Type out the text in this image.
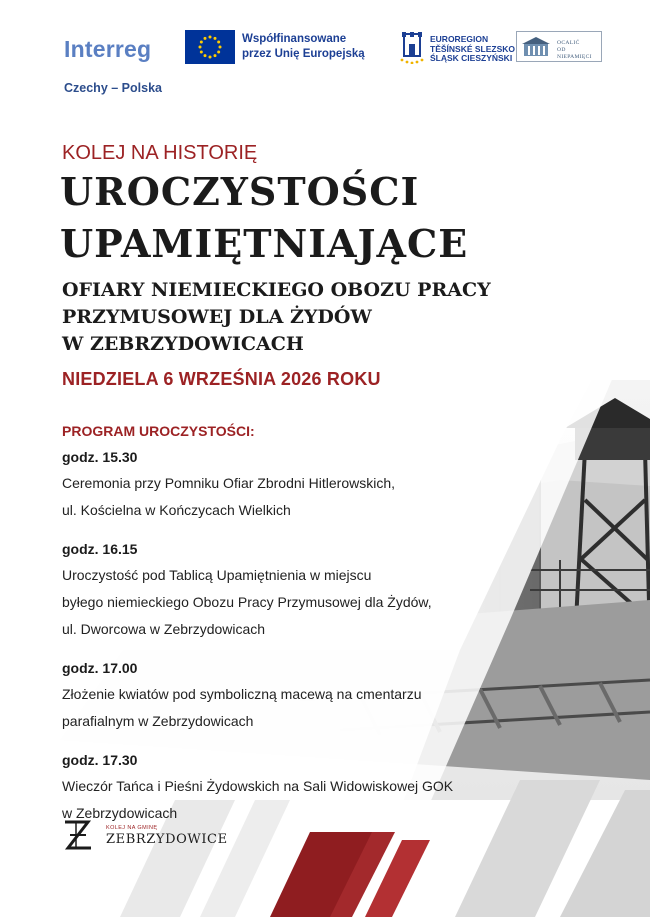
Interreg
Czechy – Polska
Współfinansowane
przez Unię Europejską
EUROREGION
TĚŠÍNSKÉ SLEZSKO
ŚLĄSK CIESZYŃSKI
OCALIĆ
OD NIEPAMIĘCI
KOLEJ NA HISTORIĘ
UROCZYSTOŚCI
UPAMIĘTNIAJĄCE
OFIARY NIEMIECKIEGO OBOZU PRACY
PRZYMUSOWEJ DLA ŻYDÓW
W ZEBRZYDOWICACH
NIEDZIELA 6 WRZEŚNIA 2026 ROKU
PROGRAM UROCZYSTOŚCI:
godz. 15.30
Ceremonia przy Pomniku Ofiar Zbrodni Hitlerowskich,
ul. Kościelna w Kończycach Wielkich
godz. 16.15
Uroczystość pod Tablicą Upamiętnienia w miejscu
byłego niemieckiego Obozu Pracy Przymusowej dla Żydów,
ul. Dworcowa w Zebrzydowicach
godz. 17.00
Złożenie kwiatów pod symboliczną macewą na cmentarzu
parafialnym w Zebrzydowicach
godz. 17.30
Wieczór Tańca i Pieśni Żydowskich na Sali Widowiskowej GOK
w Zebrzydowicach
KOLEJ NA GMINĘ
ZEBRZYDOWICE
